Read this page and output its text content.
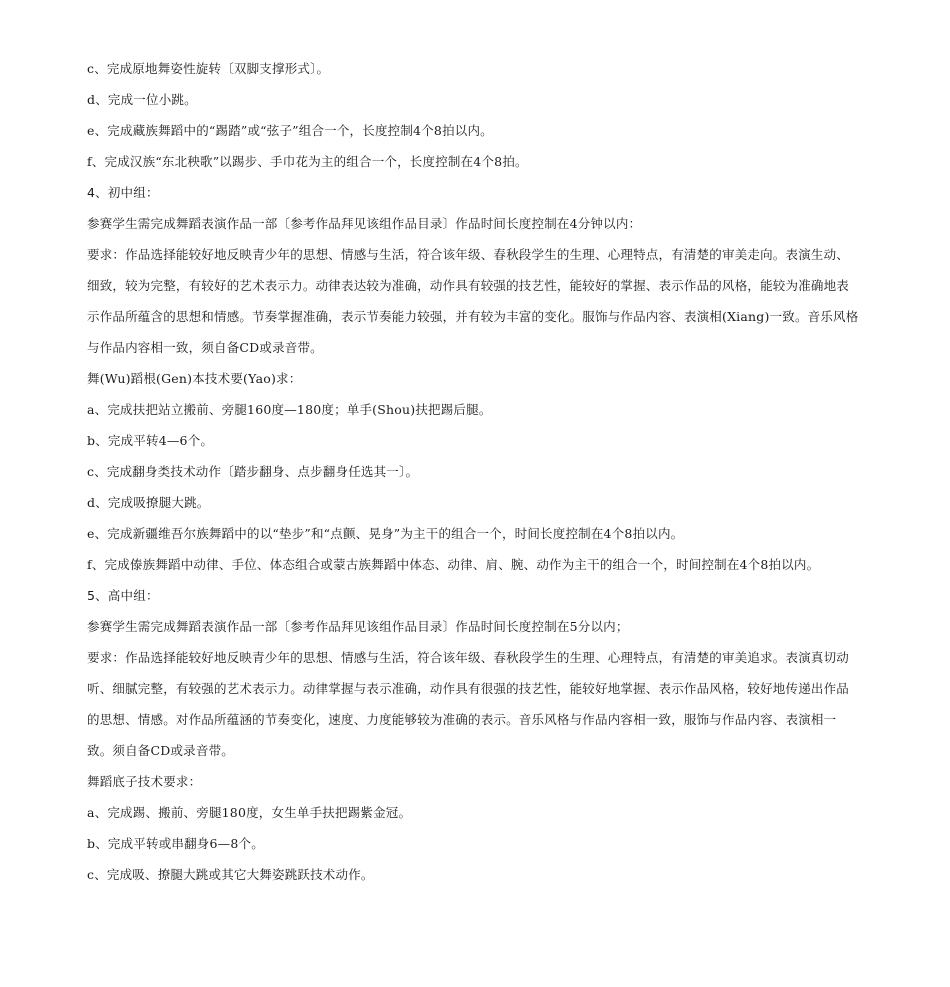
c、完成原地舞姿性旋转〔双脚支撑形式〕。
d、完成一位小跳。
e、完成藏族舞蹈中的“踢踏”或“弦子”组合一个，长度控制4个8拍以内。
f、完成汉族“东北秧歌”以踢步、手巾花为主的组合一个，长度控制在4个8拍。
4、初中组：
参赛学生需完成舞蹈表演作品一部〔参考作品拜见该组作品目录〕作品时间长度控制在4分钟以内：
要求：作品选择能较好地反映青少年的思想、情感与生活，符合该年级、春秋段学生的生理、心理特点，有清楚的审美走向。表演生动、
细致，较为完整，有较好的艺术表示力。动律表达较为准确，动作具有较强的技艺性，能较好的掌握、表示作品的风格，能较为准确地表
示作品所蕴含的思想和情感。节奏掌握准确，表示节奏能力较强，并有较为丰富的变化。服饰与作品内容、表演相(Xiang)一致。音乐风格
与作品内容相一致，须自备CD或录音带。
舞(Wu)蹈根(Gen)本技术要(Yao)求：
a、完成扶把站立搬前、旁腿160度—180度；单手(Shou)扶把踢后腿。
b、完成平转4—6个。
c、完成翻身类技术动作〔踏步翻身、点步翻身任选其一〕。
d、完成吸撩腿大跳。
e、完成新疆维吾尔族舞蹈中的以“垫步”和“点颤、晃身”为主干的组合一个，时间长度控制在4个8拍以内。
f、完成傣族舞蹈中动律、手位、体态组合或蒙古族舞蹈中体态、动律、肩、腕、动作为主干的组合一个，时间控制在4个8拍以内。
5、高中组：
参赛学生需完成舞蹈表演作品一部〔参考作品拜见该组作品目录〕作品时间长度控制在5分以内；
要求：作品选择能较好地反映青少年的思想、情感与生活，符合该年级、春秋段学生的生理、心理特点，有清楚的审美追求。表演真切动
听、细腻完整，有较强的艺术表示力。动律掌握与表示准确，动作具有很强的技艺性，能较好地掌握、表示作品风格，较好地传递出作品
的思想、情感。对作品所蕴涵的节奏变化，速度、力度能够较为准确的表示。音乐风格与作品内容相一致，服饰与作品内容、表演相一
致。须自备CD或录音带。
舞蹈底子技术要求：
a、完成踢、搬前、旁腿180度，女生单手扶把踢紫金冠。
b、完成平转或串翻身6—8个。
c、完成吸、撩腿大跳或其它大舞姿跳跃技术动作。
